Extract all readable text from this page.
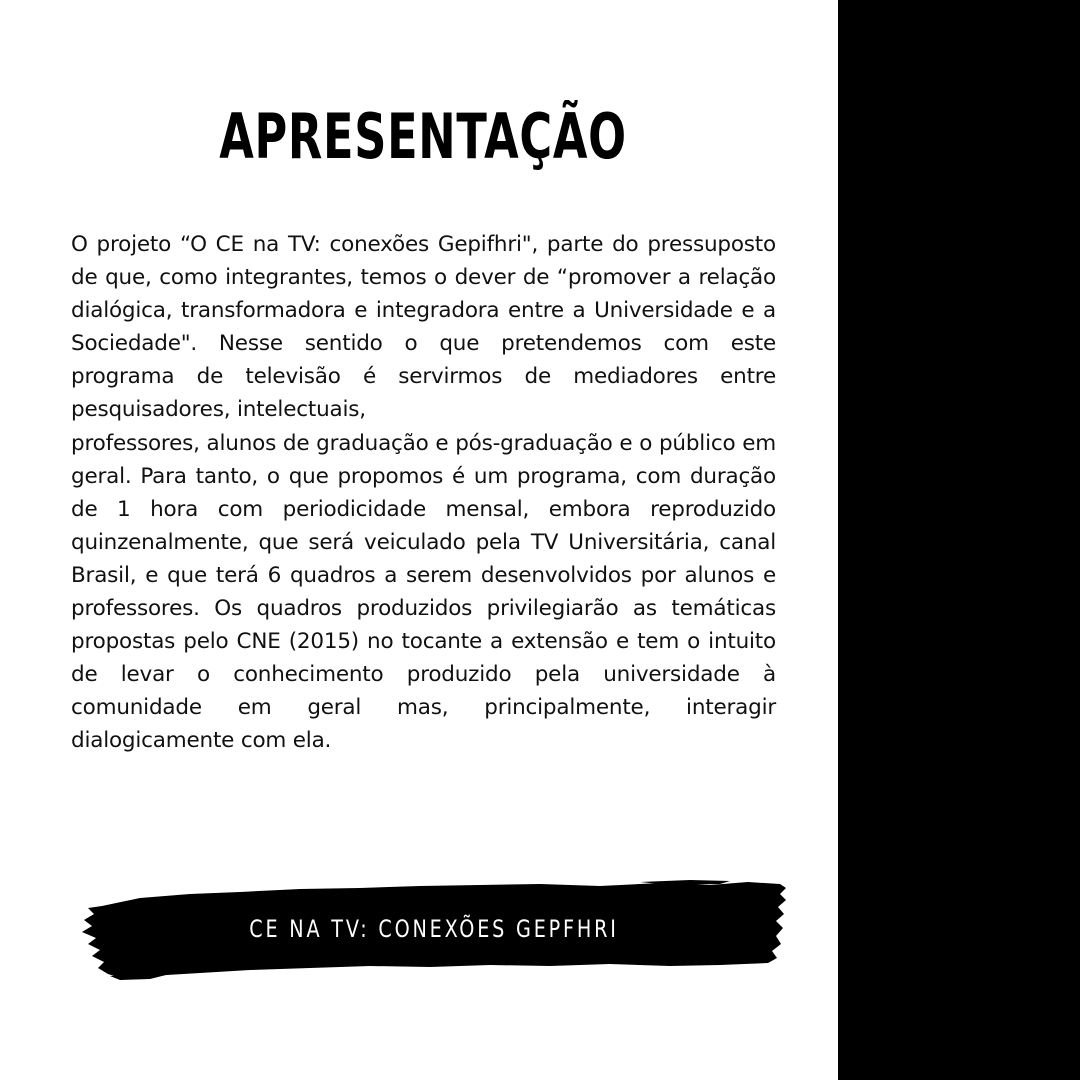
APRESENTAÇÃO
O projeto “O CE na TV: conexões Gepifhri", parte do pressuposto de que, como integrantes, temos o dever de “promover a relação dialógica, transformadora e integradora entre a Universidade e a Sociedade". Nesse sentido o que pretendemos com este programa de televisão é servirmos de mediadores entre pesquisadores, intelectuais,
professores, alunos de graduação e pós-graduação e o público em geral. Para tanto, o que propomos é um programa, com duração de 1 hora com periodicidade mensal, embora reproduzido quinzenalmente, que será veiculado pela TV Universitária, canal Brasil, e que terá 6 quadros a serem desenvolvidos por alunos e professores. Os quadros produzidos privilegiarão as temáticas propostas pelo CNE (2015) no tocante a extensão e tem o intuito de levar o conhecimento produzido pela universidade à comunidade em geral mas, principalmente, interagir dialogicamente com ela.
CE NA TV: CONEXÕES GEPFHRI
